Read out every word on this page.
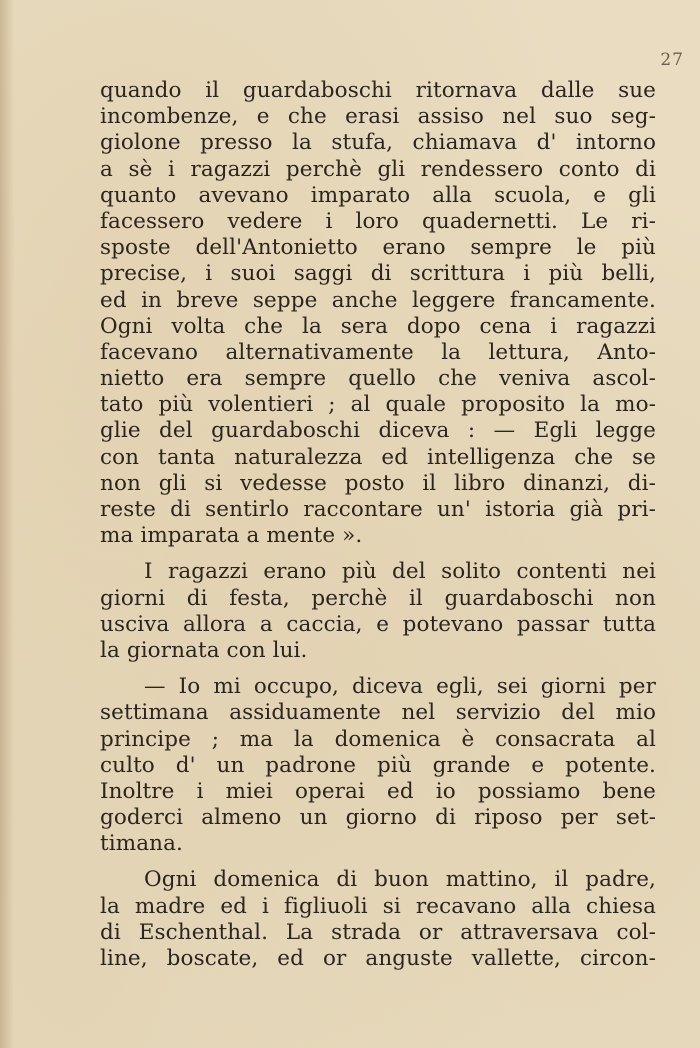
27
quando il guardaboschi ritornava dalle sue
incombenze, e che erasi assiso nel suo seg-
giolone presso la stufa, chiamava d' intorno
a sè i ragazzi perchè gli rendessero conto di
quanto avevano imparato alla scuola, e gli
facessero vedere i loro quadernetti. Le ri-
sposte dell'Antonietto erano sempre le più
precise, i suoi saggi di scrittura i più belli,
ed in breve seppe anche leggere francamente.
Ogni volta che la sera dopo cena i ragazzi
facevano alternativamente la lettura, Anto-
nietto era sempre quello che veniva ascol-
tato più volentieri ; al quale proposito la mo-
glie del guardaboschi diceva : — Egli legge
con tanta naturalezza ed intelligenza che se
non gli si vedesse posto il libro dinanzi, di-
reste di sentirlo raccontare un' istoria già pri-
ma imparata a mente ».
I ragazzi erano più del solito contenti nei
giorni di festa, perchè il guardaboschi non
usciva allora a caccia, e potevano passar tutta
la giornata con lui.
— Io mi occupo, diceva egli, sei giorni per
settimana assiduamente nel servizio del mio
principe ; ma la domenica è consacrata al
culto d' un padrone più grande e potente.
Inoltre i miei operai ed io possiamo bene
goderci almeno un giorno di riposo per set-
timana.
Ogni domenica di buon mattino, il padre,
la madre ed i figliuoli si recavano alla chiesa
di Eschenthal. La strada or attraversava col-
line, boscate, ed or anguste vallette, circon-
